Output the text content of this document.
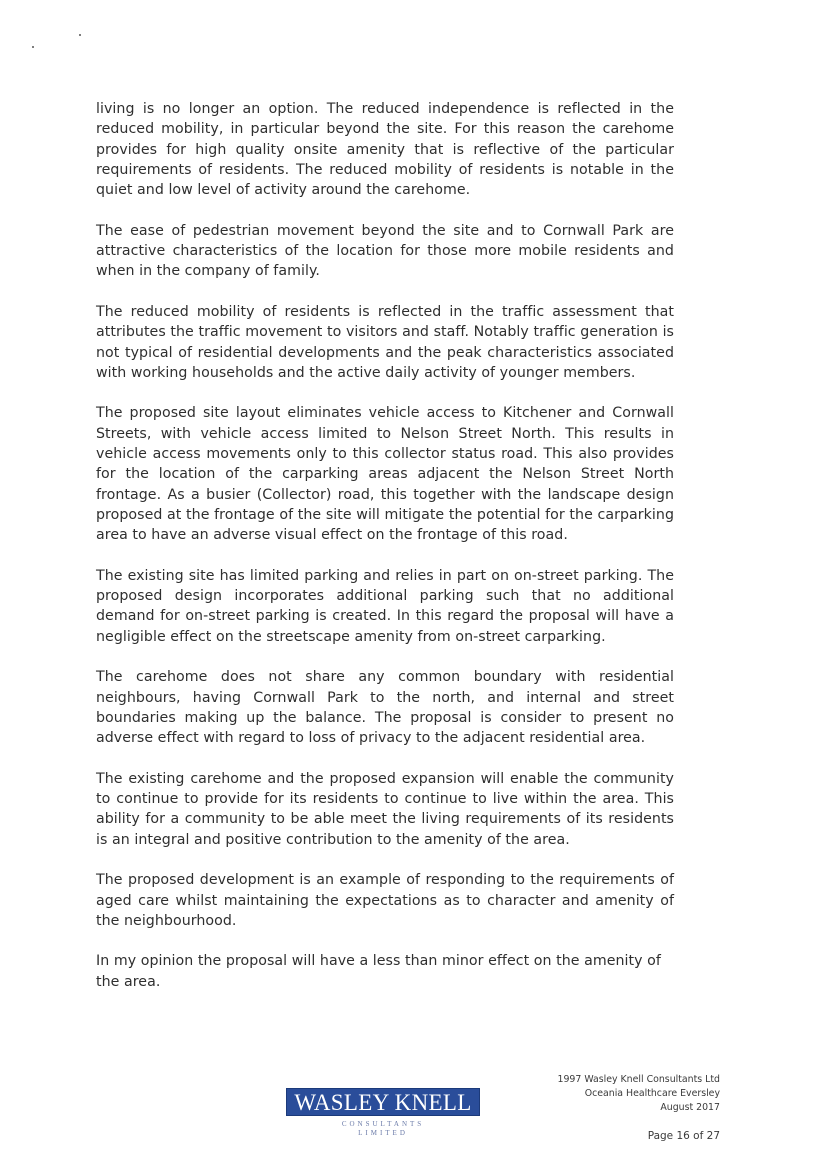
living is no longer an option. The reduced independence is reflected in the reduced mobility, in particular beyond the site. For this reason the carehome provides for high quality onsite amenity that is reflective of the particular requirements of residents. The reduced mobility of residents is notable in the quiet and low level of activity around the carehome.

The ease of pedestrian movement beyond the site and to Cornwall Park are attractive characteristics of the location for those more mobile residents and when in the company of family.

The reduced mobility of residents is reflected in the traffic assessment that attributes the traffic movement to visitors and staff. Notably traffic generation is not typical of residential developments and the peak characteristics associated with working households and the active daily activity of younger members.

The proposed site layout eliminates vehicle access to Kitchener and Cornwall Streets, with vehicle access limited to Nelson Street North. This results in vehicle access movements only to this collector status road. This also provides for the location of the carparking areas adjacent the Nelson Street North frontage. As a busier (Collector) road, this together with the landscape design proposed at the frontage of the site will mitigate the potential for the carparking area to have an adverse visual effect on the frontage of this road.

The existing site has limited parking and relies in part on on-street parking. The proposed design incorporates additional parking such that no additional demand for on-street parking is created. In this regard the proposal will have a negligible effect on the streetscape amenity from on-street carparking.

The carehome does not share any common boundary with residential neighbours, having Cornwall Park to the north, and internal and street boundaries making up the balance. The proposal is consider to present no adverse effect with regard to loss of privacy to the adjacent residential area.

The existing carehome and the proposed expansion will enable the community to continue to provide for its residents to continue to live within the area. This ability for a community to be able meet the living requirements of its residents is an integral and positive contribution to the amenity of the area.

The proposed development is an example of responding to the requirements of aged care whilst maintaining the expectations as to character and amenity of the neighbourhood.

In my opinion the proposal will have a less than minor effect on the amenity of the area.

WASLEY KNELL
CONSULTANTS
LIMITED
1997 Wasley Knell Consultants Ltd
Oceania Healthcare Eversley
August 2017
Page 16 of 27
